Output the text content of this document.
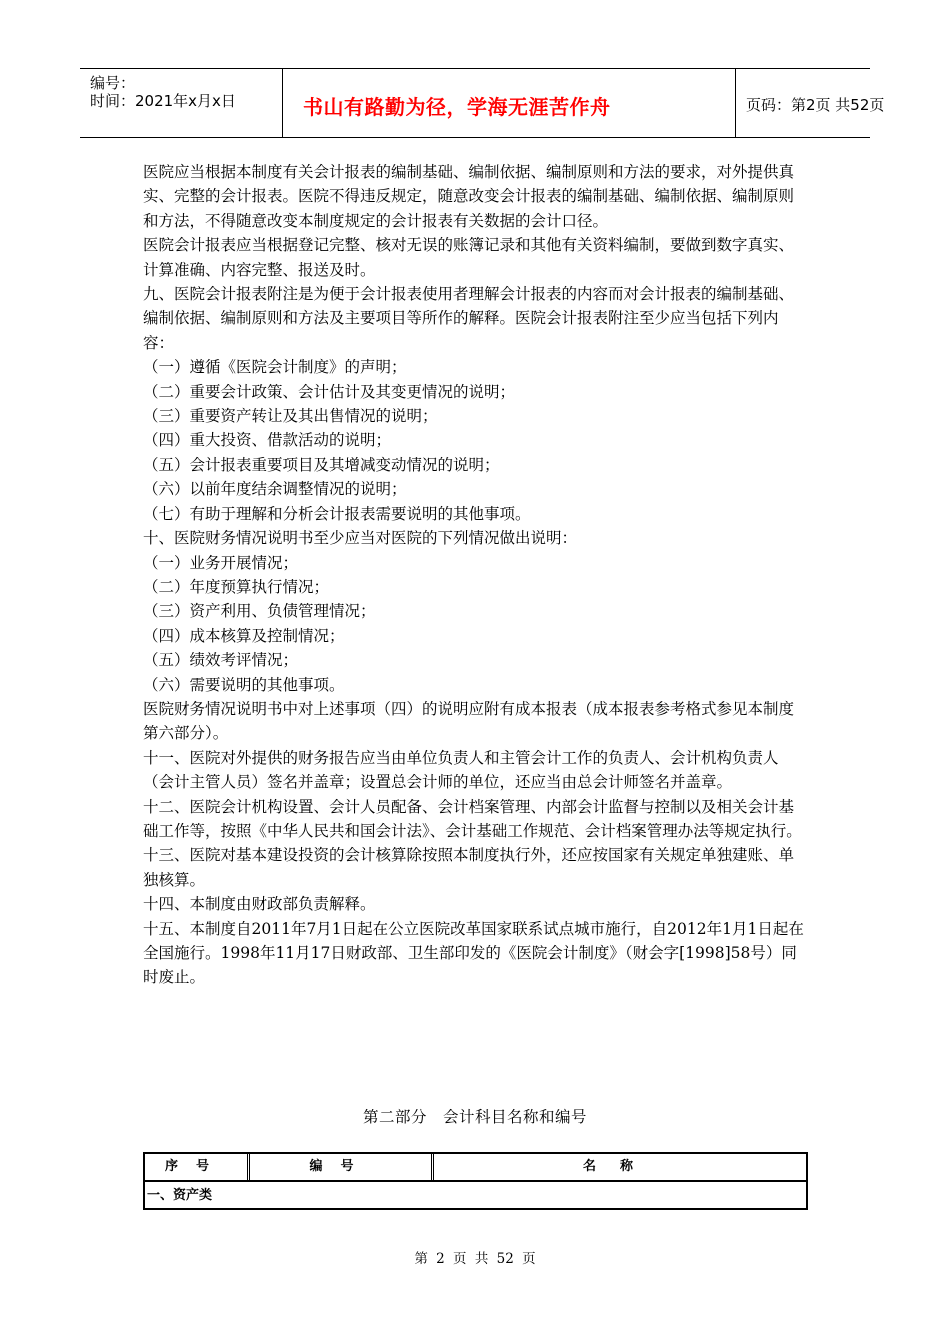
编号：
时间：2021年x月x日	书山有路勤为径，学海无涯苦作舟	页码：第2页 共52页

医院应当根据本制度有关会计报表的编制基础、编制依据、编制原则和方法的要求，对外提供真实、完整的会计报表。医院不得违反规定，随意改变会计报表的编制基础、编制依据、编制原则和方法，不得随意改变本制度规定的会计报表有关数据的会计口径。

医院会计报表应当根据登记完整、核对无误的账簿记录和其他有关资料编制，要做到数字真实、计算准确、内容完整、报送及时。

九、医院会计报表附注是为便于会计报表使用者理解会计报表的内容而对会计报表的编制基础、编制依据、编制原则和方法及主要项目等所作的解释。医院会计报表附注至少应当包括下列内容：

（一）遵循《医院会计制度》的声明；

（二）重要会计政策、会计估计及其变更情况的说明；

（三）重要资产转让及其出售情况的说明；

（四）重大投资、借款活动的说明；

（五）会计报表重要项目及其增减变动情况的说明；

（六）以前年度结余调整情况的说明；

（七）有助于理解和分析会计报表需要说明的其他事项。

十、医院财务情况说明书至少应当对医院的下列情况做出说明：

（一）业务开展情况；

（二）年度预算执行情况；

（三）资产利用、负债管理情况；

（四）成本核算及控制情况；

（五）绩效考评情况；

（六）需要说明的其他事项。

医院财务情况说明书中对上述事项（四）的说明应附有成本报表（成本报表参考格式参见本制度第六部分）。

十一、医院对外提供的财务报告应当由单位负责人和主管会计工作的负责人、会计机构负责人（会计主管人员）签名并盖章；设置总会计师的单位，还应当由总会计师签名并盖章。

十二、医院会计机构设置、会计人员配备、会计档案管理、内部会计监督与控制以及相关会计基础工作等，按照《中华人民共和国会计法》、会计基础工作规范、会计档案管理办法等规定执行。

十三、医院对基本建设投资的会计核算除按照本制度执行外，还应按国家有关规定单独建账、单独核算。

十四、本制度由财政部负责解释。

十五、本制度自2011年7月1日起在公立医院改革国家联系试点城市施行，自2012年1月1日起在全国施行。1998年11月17日财政部、卫生部印发的《医院会计制度》（财会字[1998]58号）同时废止。

第二部分　会计科目名称和编号
序号	编号	名称
一、资产类
第 2 页 共 52 页
